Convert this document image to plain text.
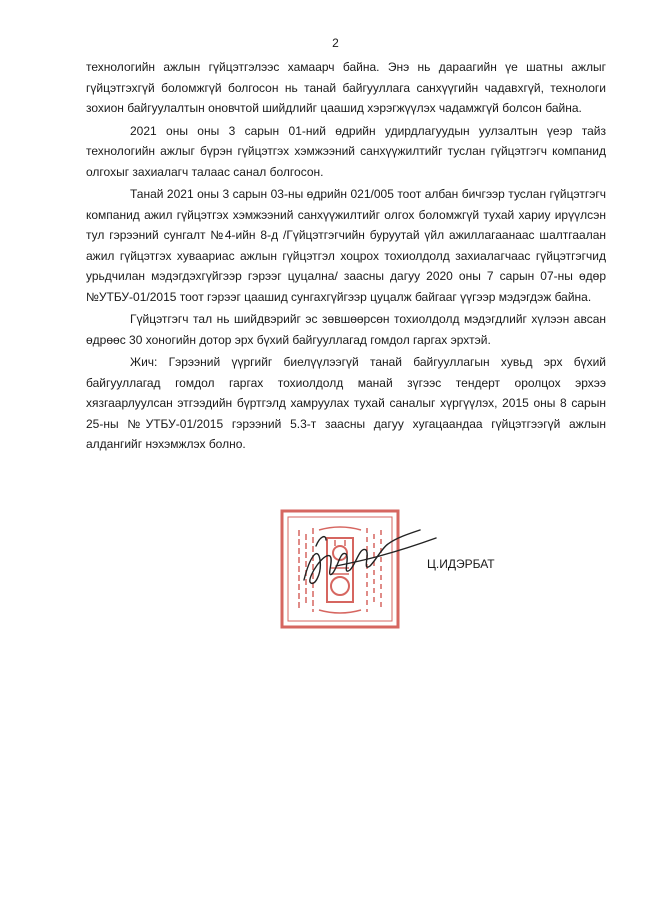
2

технологийн ажлын гүйцэтгэлээс хамаарч байна. Энэ нь дараагийн үе шатны ажлыг гүйцэтгэхгүй боломжгүй болгосон нь танай байгууллага санхүүгийн чадавхгүй, технологи зохион байгуулалтын оновчтой шийдлийг цаашид хэрэгжүүлэх чадамжгүй болсон байна.

2021 оны оны 3 сарын 01-ний өдрийн удирдлагуудын уулзалтын үеэр тайз технологийн ажлыг бүрэн гүйцэтгэх хэмжээний санхүүжилтийг туслан гүйцэтгэгч компанид олгохыг захиалагч талаас санал болгосон.

Танай 2021 оны 3 сарын 03-ны өдрийн 021/005 тоот албан бичгээр туслан гүйцэтгэгч компанид ажил гүйцэтгэх хэмжээний санхүүжилтийг олгох боломжгүй тухай хариу ирүүлсэн тул гэрээний сунгалт №4-ийн 8-д /Гүйцэтгэгчийн буруутай үйл ажиллагаанаас шалтгаалан ажил гүйцэтгэх хуваариас ажлын гүйцэтгэл хоцрох тохиолдолд захиалагчаас гүйцэтгэгчид урьдчилан мэдэгдэхгүйгээр гэрээг цуцална/ заасны дагуу 2020 оны 7 сарын 07-ны өдөр №УТБУ-01/2015 тоот гэрээг цаашид сунгахгүйгээр цуцалж байгааг үүгээр мэдэгдэж байна.

Гүйцэтгэгч тал нь шийдвэрийг эс зөвшөөрсөн тохиолдолд мэдэгдлийг хүлээн авсан өдрөөс 30 хоногийн дотор эрх бүхий байгууллагад гомдол гаргах эрхтэй.

Жич: Гэрээний үүргийг биелүүлээгүй танай байгууллагын хувьд эрх бүхий байгууллагад гомдол гаргах тохиолдолд манай зүгээс тендерт оролцох эрхээ хязгаарлуулсан этгээдийн бүртгэлд хамруулах тухай саналыг хүргүүлэх, 2015 оны 8 сарын 25-ны №УТБУ-01/2015 гэрээний 5.3-т заасны дагуу хугацаандаа гүйцэтгээгүй ажлын алдангийг нэхэмжлэх болно.

Ц.ИДЭРБАТ
